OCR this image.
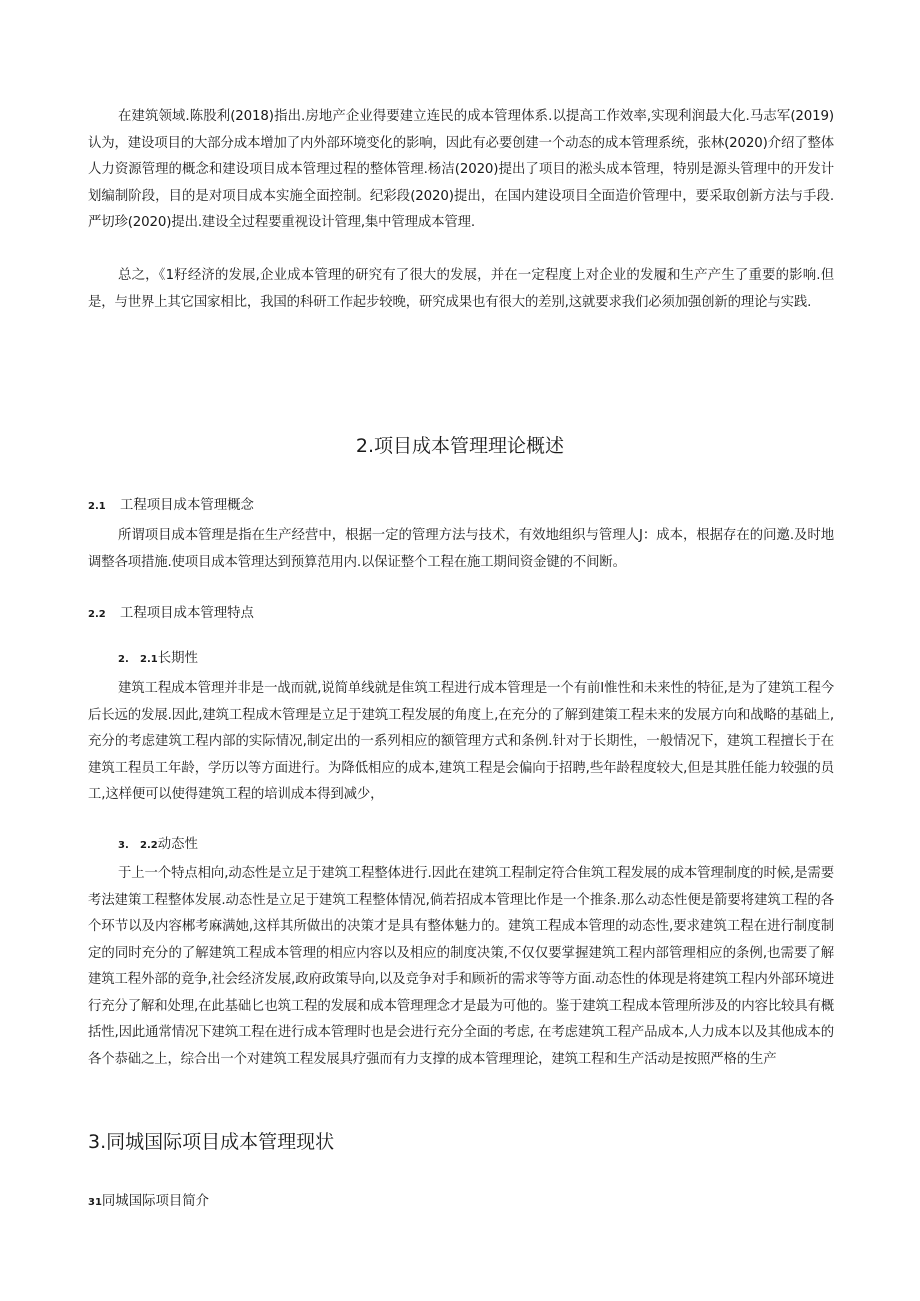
在建筑领域.陈股利(2018)指出.房地产企业得要建立连民的成本管理体系.以提高工作效率,实现利润最大化.马志军(2019)认为，建设项目的大部分成本增加了内外部环境变化的影响，因此有必要创建一个动态的成本管理系统，张林(2020)介绍了整体人力资源管理的概念和建设项目成本管理过程的整体管理.杨洁(2020)提出了项目的淞头成本管理，特别是源头管理中的开发计划编制阶段，目的是对项目成本实施全面控制。纪彩段(2020)提出，在国内建设项目全面造价管理中，要采取创新方法与手段.严切珍(2020)提出.建设全过程要重视设计管理,集中管理成本管理.

总之，《1籽经济的发展,企业成本管理的研究有了很大的发展，并在一定程度上对企业的发履和生产产生了重要的影响.但是，与世界上其它国家相比，我国的科研工作起步较晚，研究成果也有很大的差别,这就要求我们必须加强创新的理论与实践.

2.项目成本管理理论概述
2.1 工程项目成本管理概念

所谓项目成本管理是指在生产经营中，根据一定的管理方法与技术，有效地组织与管理人J：成本，根据存在的问邀.及时地调整各项措施.使项目成本管理达到预算范用内.以保证整个工程在施工期间资金键的不间断。

2.2 工程项目成本管理特点
2. 2.1长期性

建筑工程成本管理并非是一战而就,说简单线就是隹筑工程进行成本管理是一个有前I惟性和未来性的特征,是为了建筑工程今后长远的发展.因此,建筑工程成木管理是立足于建筑工程发展的角度上,在充分的了解到建策工程未来的发展方向和战略的基础上,充分的考虑建筑工程内部的实际情况,制定出的一系列相应的额管理方式和条例.针对于长期性，一般情况下，建筑工程擅长于在建筑工程员工年龄，学历以等方面进行。为降低相应的成本,建筑工程是会偏向于招聘,些年龄程度较大,但是其胜任能力较强的员工,这样便可以使得建筑工程的培训成本得到减少，

3. 2.2动态性

于上一个特点相向,动态性是立足于建筑工程整体进行.因此在建筑工程制定符合隹筑工程发展的成本管理制度的时候,是需要考法建策工程整体发展.动态性是立足于建筑工程整体情况,倘若招成本管理比作是一个推条.那么动态性便是箭要将建筑工程的各个环节以及内容郴考麻满她,这样其所做出的决策才是具有整体魅力的。建筑工程成本管理的动态性,要求建筑工程在进行制度制定的同时充分的了解建筑工程成本管理的相应内容以及相应的制度决策,不仅仅要掌握建筑工程内部管理相应的条例,也需要了解建筑工程外部的竟争,社会经济发展,政府政策导向,以及竞争对手和顾祈的需求等等方面.动态性的体现是将建筑工程内外部环境进行充分了解和处理,在此基础匕也筑工程的发展和成本管理理念才是最为可他的。鉴于建筑工程成本管理所涉及的内容比较具有概括性,因此通常情况下建筑工程在进行成本管理时也是会进行充分全面的考虑, 在考虑建筑工程产品成本,人力成本以及其他成本的各个恭础之上，综合出一个对建筑工程发展具疗强而有力支撑的成本管理理论，建筑工程和生产活动是按照严格的生产

3.同城国际项目成本管理现状
31同城国际项目简介
